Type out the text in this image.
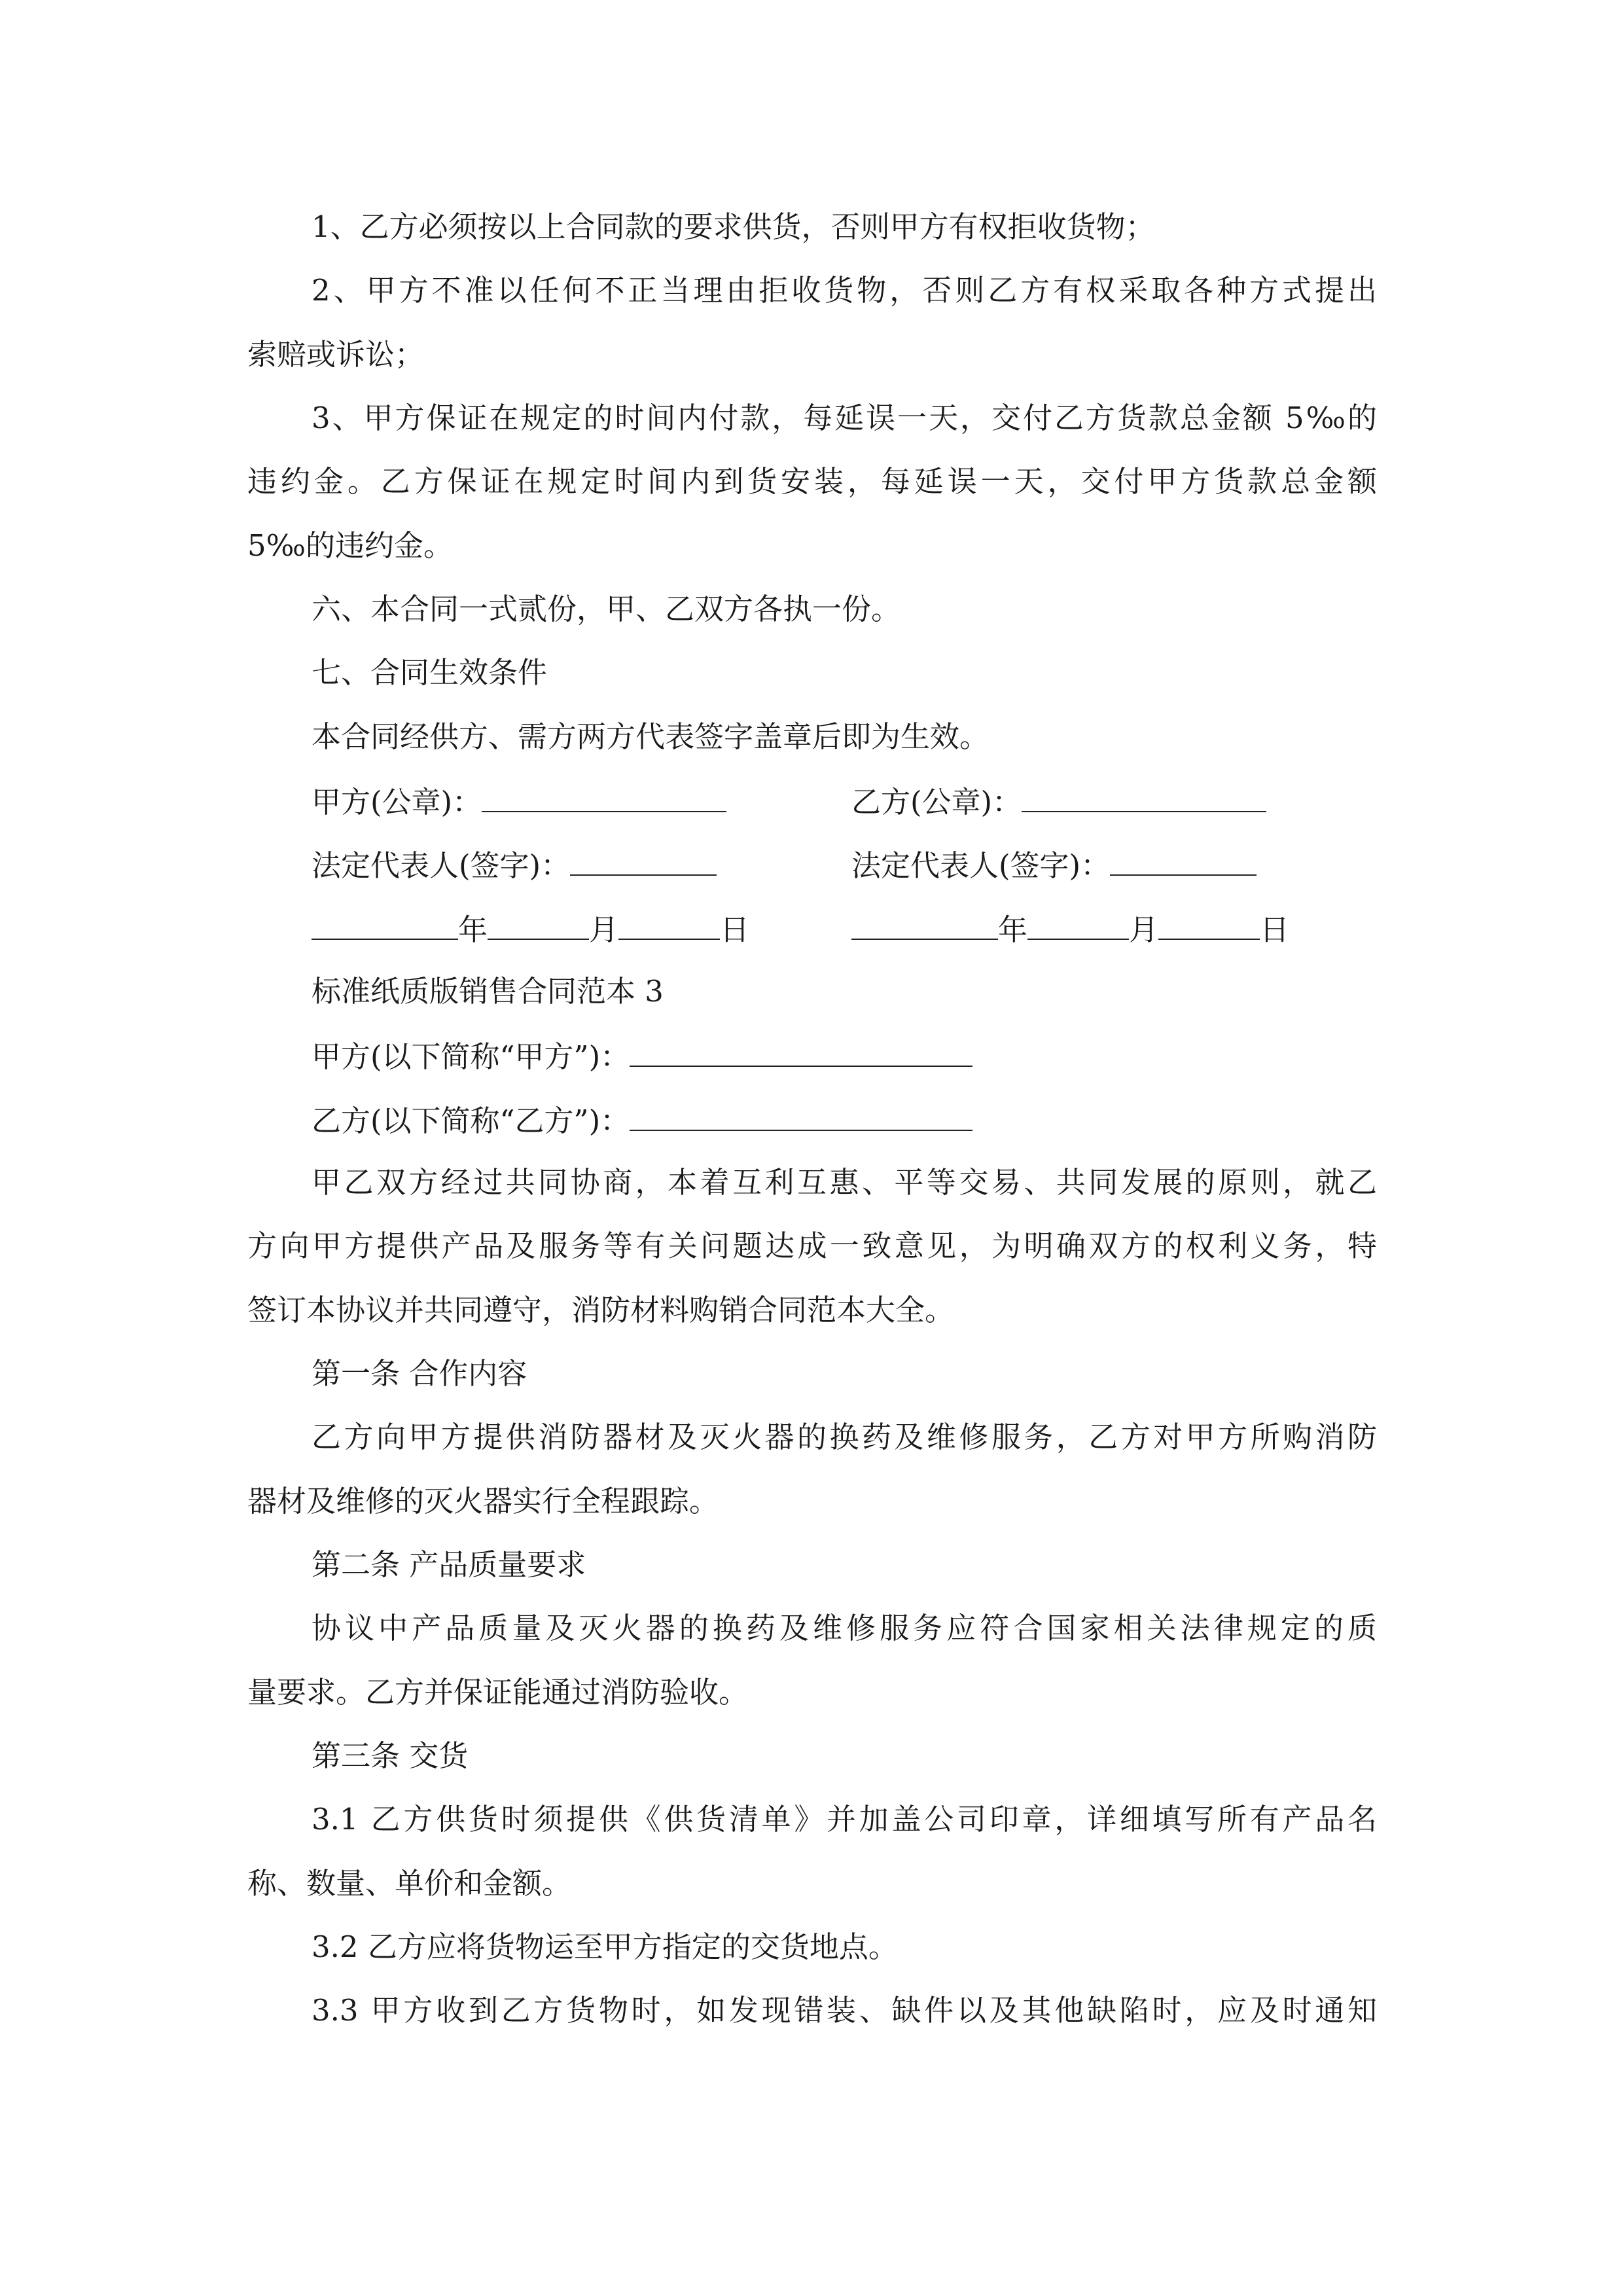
1、乙方必须按以上合同款的要求供货，否则甲方有权拒收货物；
2、甲方不准以任何不正当理由拒收货物，否则乙方有权采取各种方式提出
索赔或诉讼；
3、甲方保证在规定的时间内付款，每延误一天，交付乙方货款总金额 5‰的
违约金。乙方保证在规定时间内到货安装，每延误一天，交付甲方货款总金额
5‰的违约金。
六、本合同一式贰份，甲、乙双方各执一份。
七、合同生效条件
本合同经供方、需方两方代表签字盖章后即为生效。
甲方(公章)：	乙方(公章)：
法定代表人(签字)：	法定代表人(签字)：
年	月	日	年	月	日
标准纸质版销售合同范本 3
甲方(以下简称“甲方”)：
乙方(以下简称“乙方”)：
甲乙双方经过共同协商，本着互利互惠、平等交易、共同发展的原则，就乙
方向甲方提供产品及服务等有关问题达成一致意见，为明确双方的权利义务，特
签订本协议并共同遵守，消防材料购销合同范本大全。
第一条 合作内容
乙方向甲方提供消防器材及灭火器的换药及维修服务，乙方对甲方所购消防
器材及维修的灭火器实行全程跟踪。
第二条 产品质量要求
协议中产品质量及灭火器的换药及维修服务应符合国家相关法律规定的质
量要求。乙方并保证能通过消防验收。
第三条 交货
3.1 乙方供货时须提供《供货清单》并加盖公司印章，详细填写所有产品名
称、数量、单价和金额。
3.2 乙方应将货物运至甲方指定的交货地点。
3.3 甲方收到乙方货物时，如发现错装、缺件以及其他缺陷时，应及时通知
